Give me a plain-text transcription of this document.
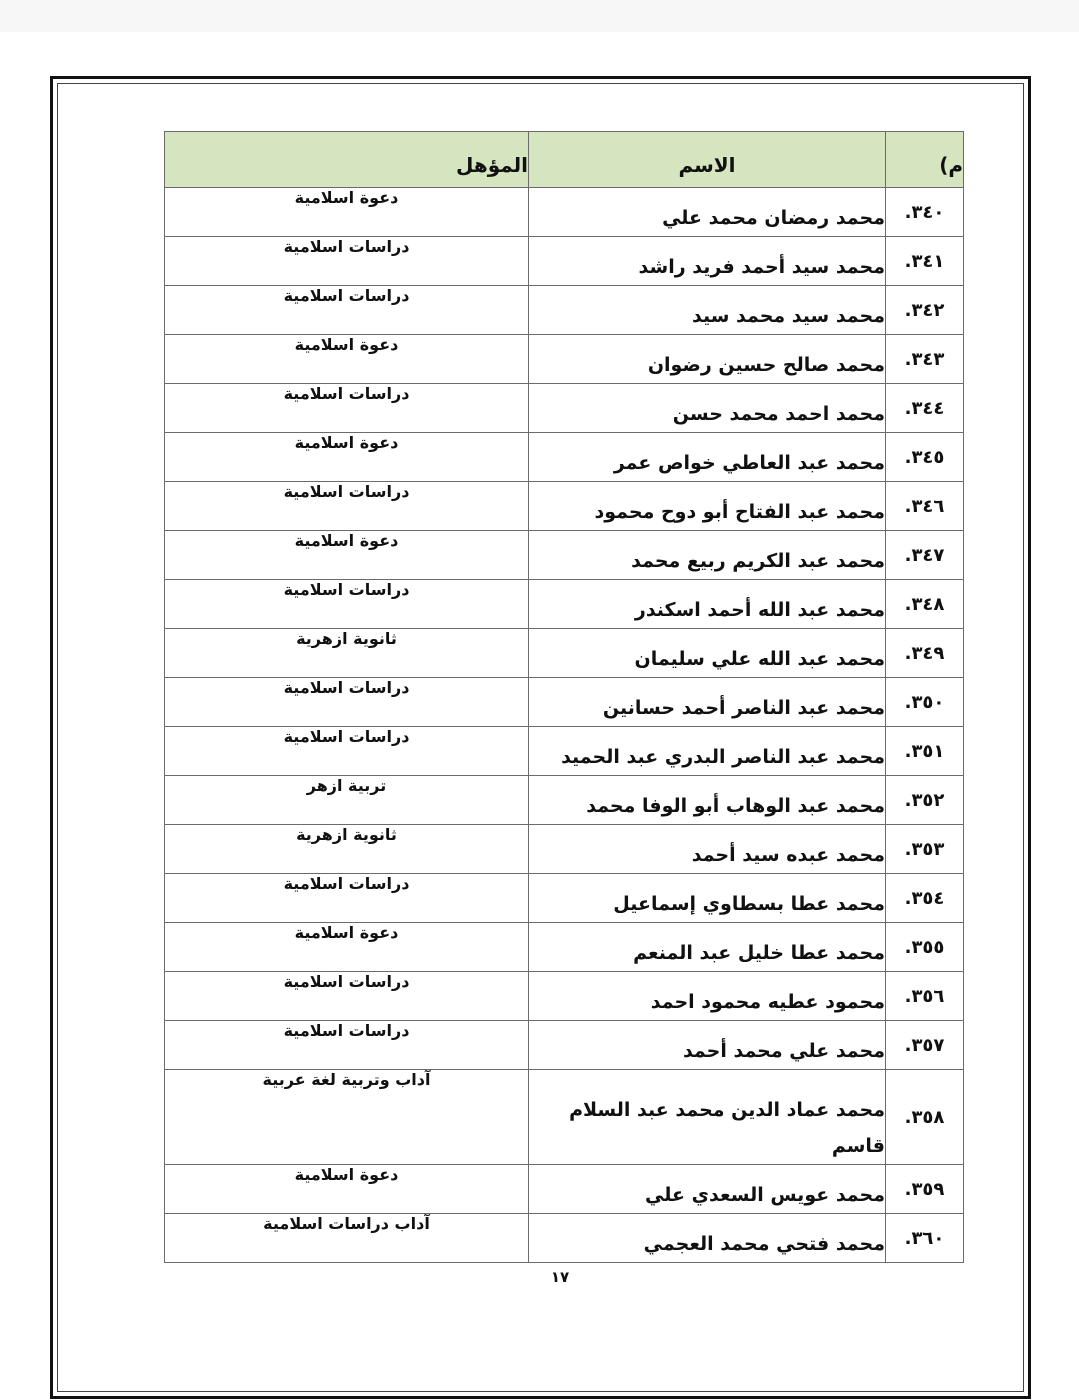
م)	الاسم	المؤهل
٣٤٠.	محمد رمضان محمد علي	دعوة اسلامية
٣٤١.	محمد سيد أحمد فريد راشد	دراسات اسلامية
٣٤٢.	محمد سيد محمد سيد	دراسات اسلامية
٣٤٣.	محمد صالح حسين رضوان	دعوة اسلامية
٣٤٤.	محمد احمد محمد حسن	دراسات اسلامية
٣٤٥.	محمد عبد العاطي خواص عمر	دعوة اسلامية
٣٤٦.	محمد عبد الفتاح أبو دوح محمود	دراسات اسلامية
٣٤٧.	محمد عبد الكريم ربيع محمد	دعوة اسلامية
٣٤٨.	محمد عبد الله أحمد اسكندر	دراسات اسلامية
٣٤٩.	محمد عبد الله علي سليمان	ثانوية ازهرية
٣٥٠.	محمد عبد الناصر أحمد حسانين	دراسات اسلامية
٣٥١.	محمد عبد الناصر البدري عبد الحميد	دراسات اسلامية
٣٥٢.	محمد عبد الوهاب أبو الوفا محمد	تربية ازهر
٣٥٣.	محمد عبده سيد أحمد	ثانوية ازهرية
٣٥٤.	محمد عطا بسطاوي إسماعيل	دراسات اسلامية
٣٥٥.	محمد عطا خليل عبد المنعم	دعوة اسلامية
٣٥٦.	محمود عطيه محمود احمد	دراسات اسلامية
٣٥٧.	محمد علي محمد أحمد	دراسات اسلامية
٣٥٨.	محمد عماد الدين محمد عبد السلام قاسم	آداب وتربية لغة عربية
٣٥٩.	محمد عويس السعدي علي	دعوة اسلامية
٣٦٠.	محمد فتحي محمد العجمي	آداب دراسات اسلامية
١٧
